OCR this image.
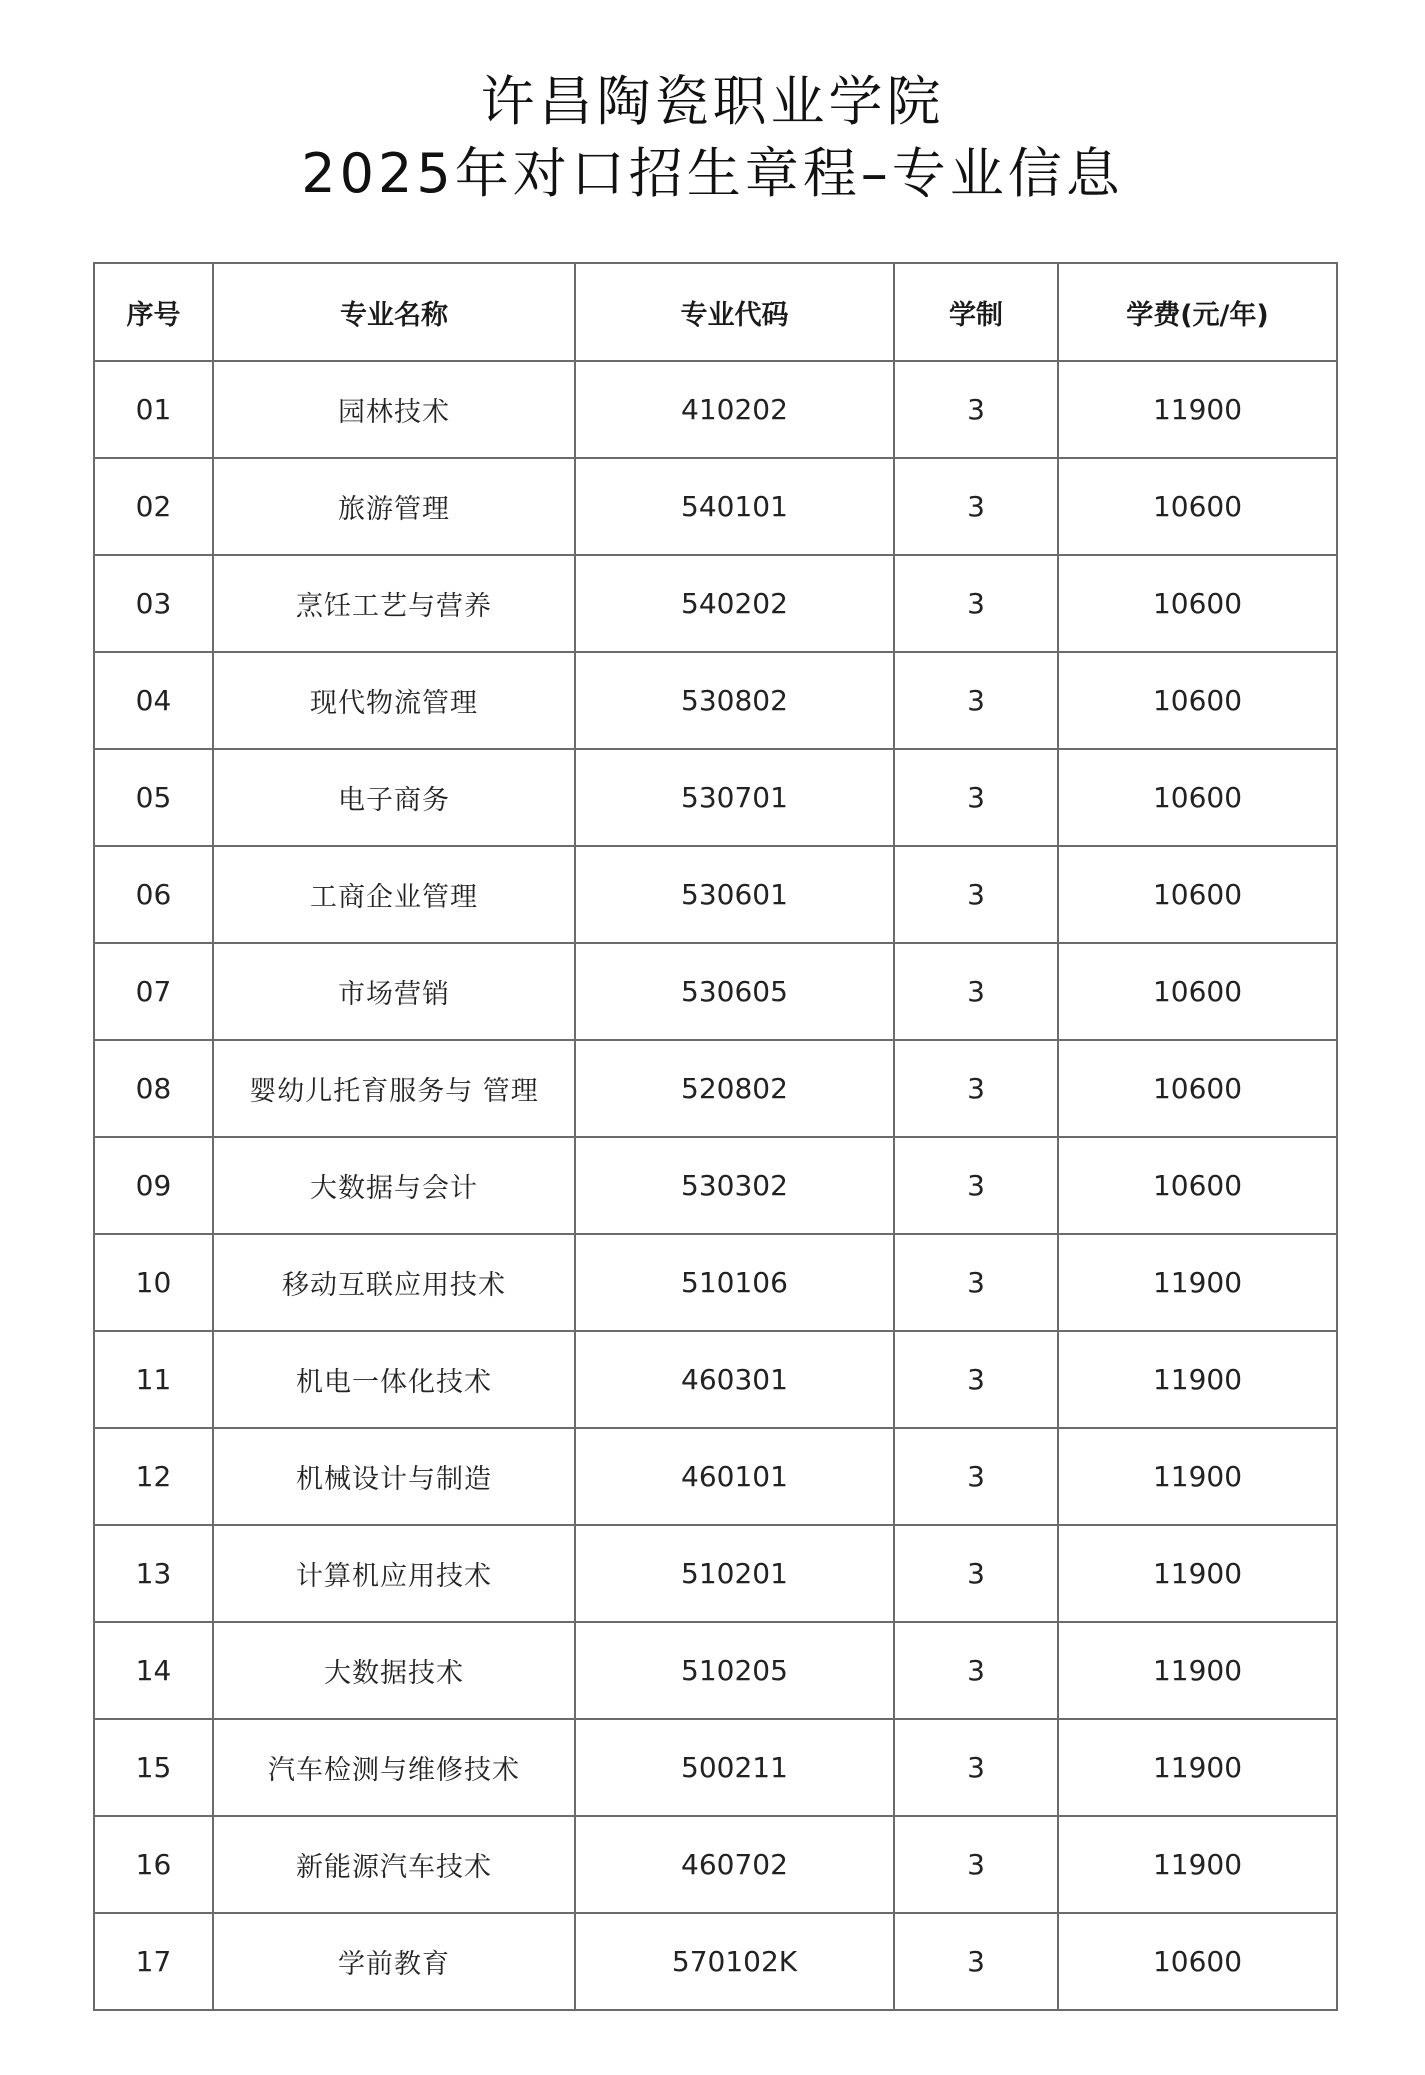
许昌陶瓷职业学院
2025年对口招生章程–专业信息
序号	专业名称	专业代码	学制	学费(元/年)
01	园林技术	410202	3	11900
02	旅游管理	540101	3	10600
03	烹饪工艺与营养	540202	3	10600
04	现代物流管理	530802	3	10600
05	电子商务	530701	3	10600
06	工商企业管理	530601	3	10600
07	市场营销	530605	3	10600
08	婴幼儿托育服务与 管理	520802	3	10600
09	大数据与会计	530302	3	10600
10	移动互联应用技术	510106	3	11900
11	机电一体化技术	460301	3	11900
12	机械设计与制造	460101	3	11900
13	计算机应用技术	510201	3	11900
14	大数据技术	510205	3	11900
15	汽车检测与维修技术	500211	3	11900
16	新能源汽车技术	460702	3	11900
17	学前教育	570102K	3	10600
